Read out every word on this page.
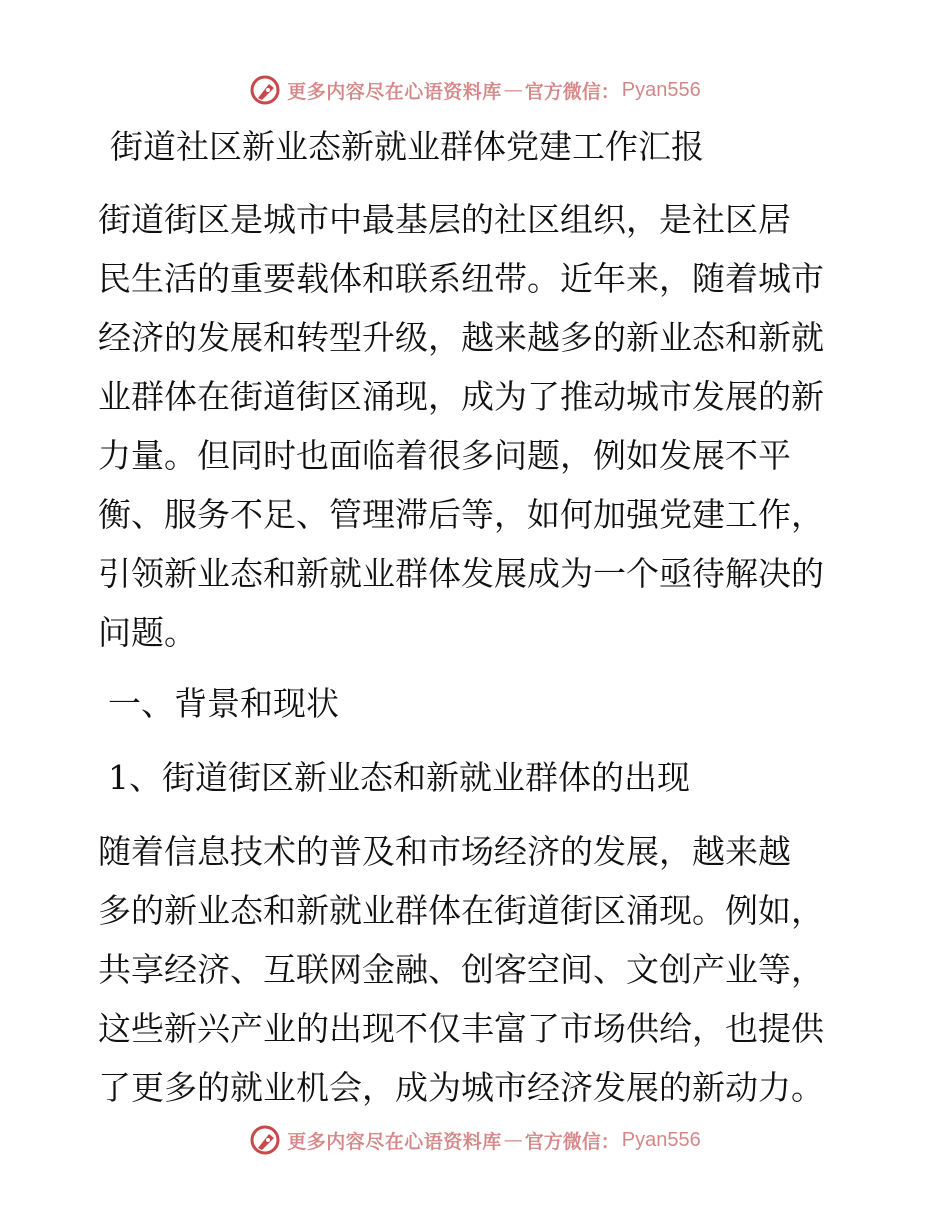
更多内容尽在心语资料库 — 官方微信： Pyan556
街道社区新业态新就业群体党建工作汇报
街道街区是城市中最基层的社区组织，是社区居
民生活的重要载体和联系纽带。近年来，随着城市
经济的发展和转型升级，越来越多的新业态和新就
业群体在街道街区涌现，成为了推动城市发展的新
力量。但同时也面临着很多问题，例如发展不平
衡、服务不足、管理滞后等，如何加强党建工作，
引领新业态和新就业群体发展成为一个亟待解决的
问题。
一、背景和现状
1、街道街区新业态和新就业群体的出现
随着信息技术的普及和市场经济的发展，越来越
多的新业态和新就业群体在街道街区涌现。例如，
共享经济、互联网金融、创客空间、文创产业等，
这些新兴产业的出现不仅丰富了市场供给，也提供
了更多的就业机会，成为城市经济发展的新动力。
更多内容尽在心语资料库 — 官方微信： Pyan556
